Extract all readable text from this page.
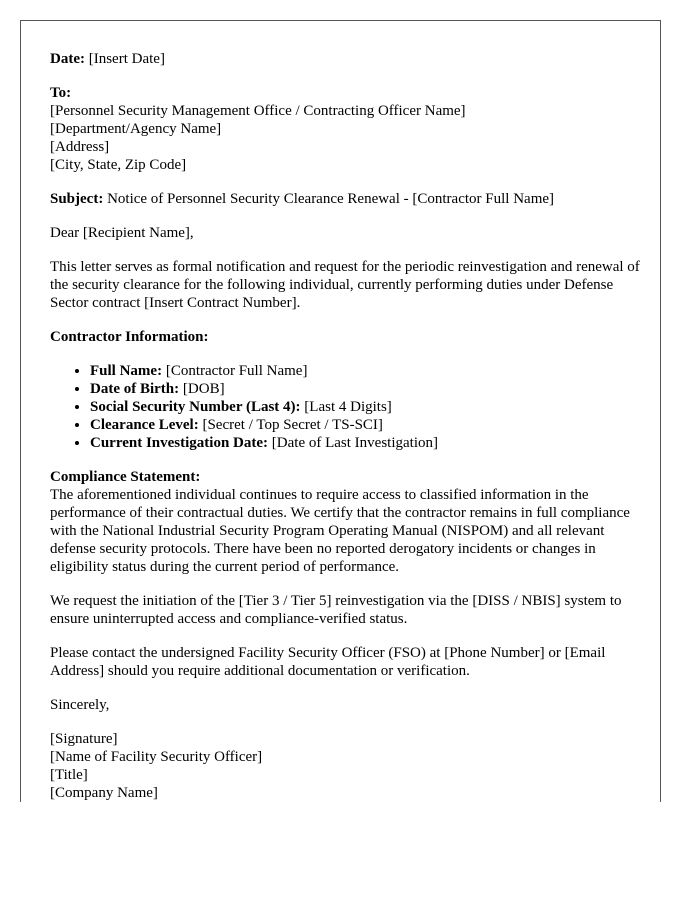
Date: [Insert Date]

To:
[Personnel Security Management Office / Contracting Officer Name]
[Department/Agency Name]
[Address]
[City, State, Zip Code]

Subject: Notice of Personnel Security Clearance Renewal - [Contractor Full Name]

Dear [Recipient Name],

This letter serves as formal notification and request for the periodic reinvestigation and renewal of the security clearance for the following individual, currently performing duties under Defense Sector contract [Insert Contract Number].

Contractor Information:

• Full Name: [Contractor Full Name]
• Date of Birth: [DOB]
• Social Security Number (Last 4): [Last 4 Digits]
• Clearance Level: [Secret / Top Secret / TS-SCI]
• Current Investigation Date: [Date of Last Investigation]
Compliance Statement:
The aforementioned individual continues to require access to classified information in the performance of their contractual duties. We certify that the contractor remains in full compliance with the National Industrial Security Program Operating Manual (NISPOM) and all relevant defense security protocols. There have been no reported derogatory incidents or changes in eligibility status during the current period of performance.

We request the initiation of the [Tier 3 / Tier 5] reinvestigation via the [DISS / NBIS] system to ensure uninterrupted access and compliance-verified status.

Please contact the undersigned Facility Security Officer (FSO) at [Phone Number] or [Email Address] should you require additional documentation or verification.

Sincerely,

[Signature]
[Name of Facility Security Officer]
[Title]
[Company Name]
